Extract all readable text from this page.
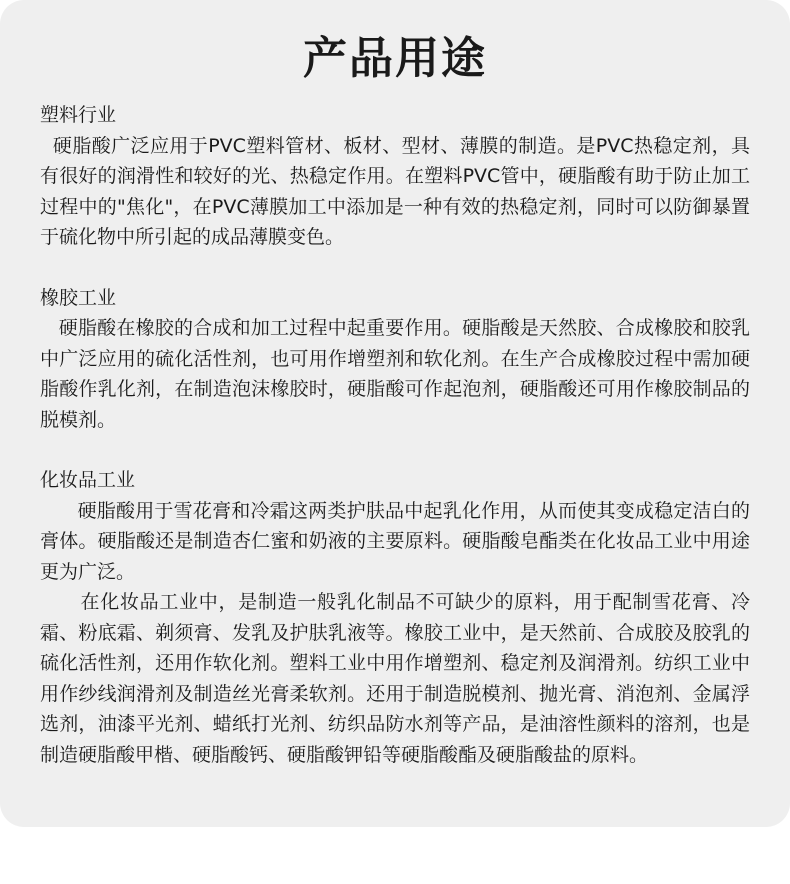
产品用途

塑料行业

硬脂酸广泛应用于PVC塑料管材、板材、型材、薄膜的制造。是PVC热稳定剂，具有很好的润滑性和较好的光、热稳定作用。在塑料PVC管中，硬脂酸有助于防止加工过程中的"焦化"，在PVC薄膜加工中添加是一种有效的热稳定剂，同时可以防御暴置于硫化物中所引起的成品薄膜变色。

橡胶工业

硬脂酸在橡胶的合成和加工过程中起重要作用。硬脂酸是天然胶、合成橡胶和胶乳中广泛应用的硫化活性剂，也可用作增塑剂和软化剂。在生产合成橡胶过程中需加硬脂酸作乳化剂，在制造泡沫橡胶时，硬脂酸可作起泡剂，硬脂酸还可用作橡胶制品的脱模剂。

化妆品工业

硬脂酸用于雪花膏和冷霜这两类护肤品中起乳化作用，从而使其变成稳定洁白的膏体。硬脂酸还是制造杏仁蜜和奶液的主要原料。硬脂酸皂酯类在化妆品工业中用途更为广泛。

在化妆品工业中，是制造一般乳化制品不可缺少的原料，用于配制雪花膏、冷霜、粉底霜、剃须膏、发乳及护肤乳液等。橡胶工业中，是天然前、合成胶及胶乳的硫化活性剂，还用作软化剂。塑料工业中用作增塑剂、稳定剂及润滑剂。纺织工业中用作纱线润滑剂及制造丝光膏柔软剂。还用于制造脱模剂、抛光膏、消泡剂、金属浮选剂，油漆平光剂、蜡纸打光剂、纺织品防水剂等产品，是油溶性颜料的溶剂，也是制造硬脂酸甲楷、硬脂酸钙、硬脂酸钾铅等硬脂酸酯及硬脂酸盐的原料。
